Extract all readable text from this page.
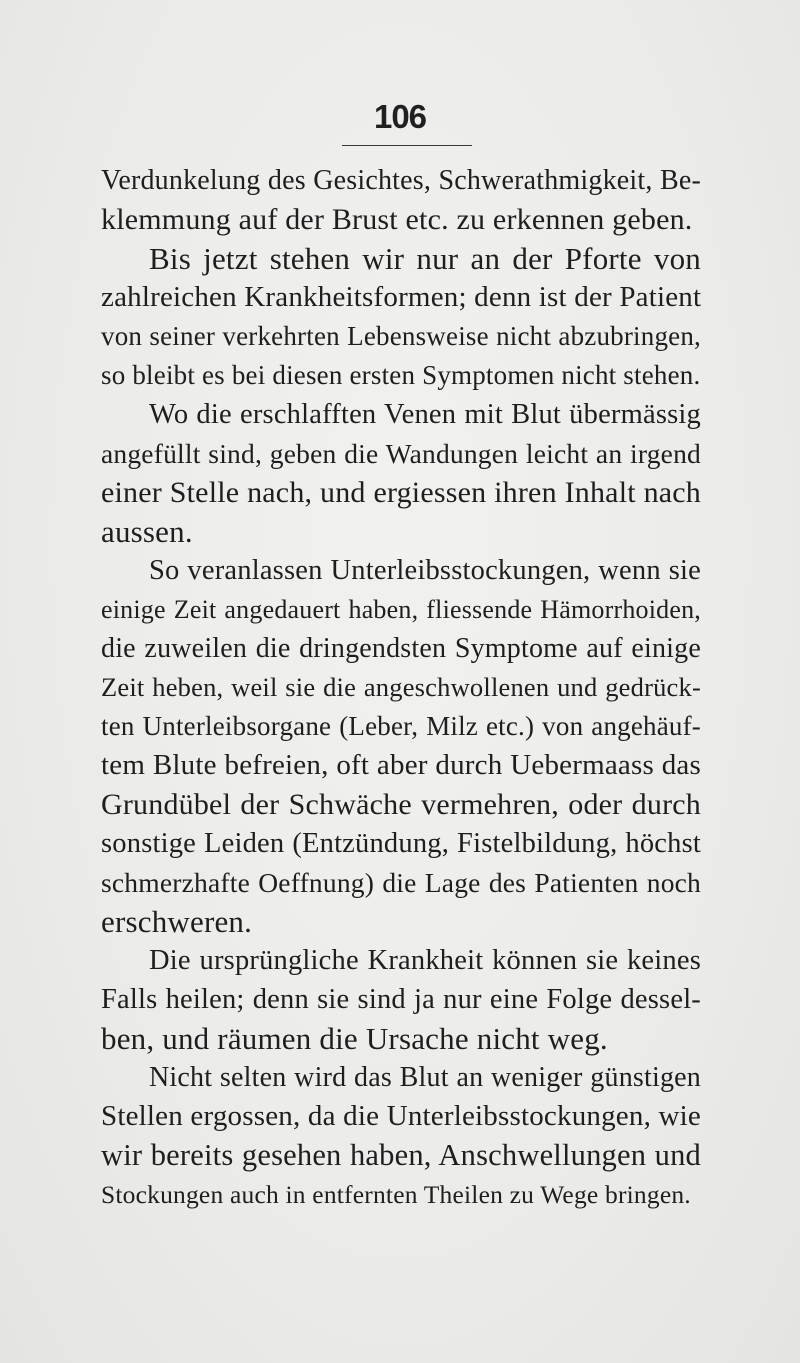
106
Verdunkelung des Gesichtes, Schwerathmigkeit, Be-
klemmung auf der Brust etc. zu erkennen geben.
Bis jetzt stehen wir nur an der Pforte von
zahlreichen Krankheitsformen; denn ist der Patient
von seiner verkehrten Lebensweise nicht abzubringen,
so bleibt es bei diesen ersten Symptomen nicht stehen.
Wo die erschlafften Venen mit Blut übermässig
angefüllt sind, geben die Wandungen leicht an irgend
einer Stelle nach, und ergiessen ihren Inhalt nach
aussen.
So veranlassen Unterleibsstockungen, wenn sie
einige Zeit angedauert haben, fliessende Hämorrhoiden,
die zuweilen die dringendsten Symptome auf einige
Zeit heben, weil sie die angeschwollenen und gedrück-
ten Unterleibsorgane (Leber, Milz etc.) von angehäuf-
tem Blute befreien, oft aber durch Uebermaass das
Grundübel der Schwäche vermehren, oder durch
sonstige Leiden (Entzündung, Fistelbildung, höchst
schmerzhafte Oeffnung) die Lage des Patienten noch
erschweren.
Die ursprüngliche Krankheit können sie keines
Falls heilen; denn sie sind ja nur eine Folge dessel-
ben, und räumen die Ursache nicht weg.
Nicht selten wird das Blut an weniger günstigen
Stellen ergossen, da die Unterleibsstockungen, wie
wir bereits gesehen haben, Anschwellungen und
Stockungen auch in entfernten Theilen zu Wege bringen.
